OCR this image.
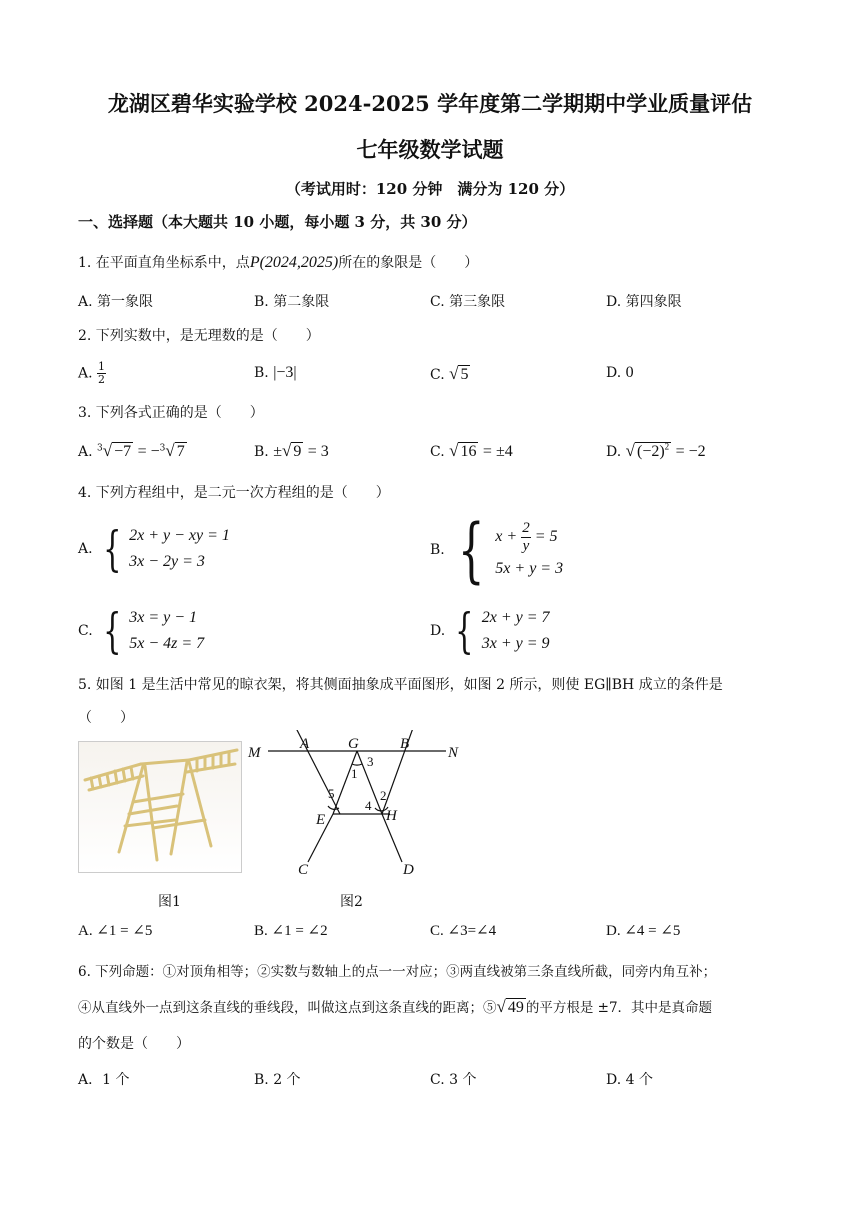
龙湖区碧华实验学校 2024-2025 学年度第二学期期中学业质量评估
七年级数学试题
（考试用时：120 分钟　满分为 120 分）
一、选择题（本大题共 10 小题，每小题 3 分，共 30 分）
1. 在平面直角坐标系中，点P(2024,2025)所在的象限是（　　）
A. 第一象限	B. 第二象限	C. 第三象限	D. 第四象限
2. 下列实数中，是无理数的是（　　）
A. $\frac{1}{2}$	B. |−3|	C. √ 5	D. 0
3. 下列各式正确的是（　　）
A. $^3$√ −7 = −$^3$√ 7	B. ±√ 9 = 3	C. √ 16 = ±4	D. √ $(-2)^2 = -2$
4. 下列方程组中，是二元一次方程组的是（　　）
A. { 2x + y − xy = 1
3x − 2y = 3
B. { $x + \frac{2}{y} = 5$
5x + y = 3
C. { 3x = y − 1
5x − 4z = 7
D. { 2x + y = 7
3x + y = 9
5. 如图 1 是生活中常见的晾衣架，将其侧面抽象成平面图形，如图 2 所示，则使 EG∥BH 成立的条件是
（　　）
M
A	G	B
N
E	H
C	D
1
3
2
4
5
图1	图2
A. ∠1 = ∠5	B. ∠1 = ∠2	C. ∠3=∠4	D. ∠4 = ∠5
6. 下列命题：①对顶角相等；②实数与数轴上的点一一对应；③两直线被第三条直线所截，同旁内角互补；
④从直线外一点到这条直线的垂线段，叫做这点到这条直线的距离；⑤√ 49 的平方根是 ±7．其中是真命题
的个数是（　　）
A．1 个	B. 2 个	C. 3 个	D. 4 个
